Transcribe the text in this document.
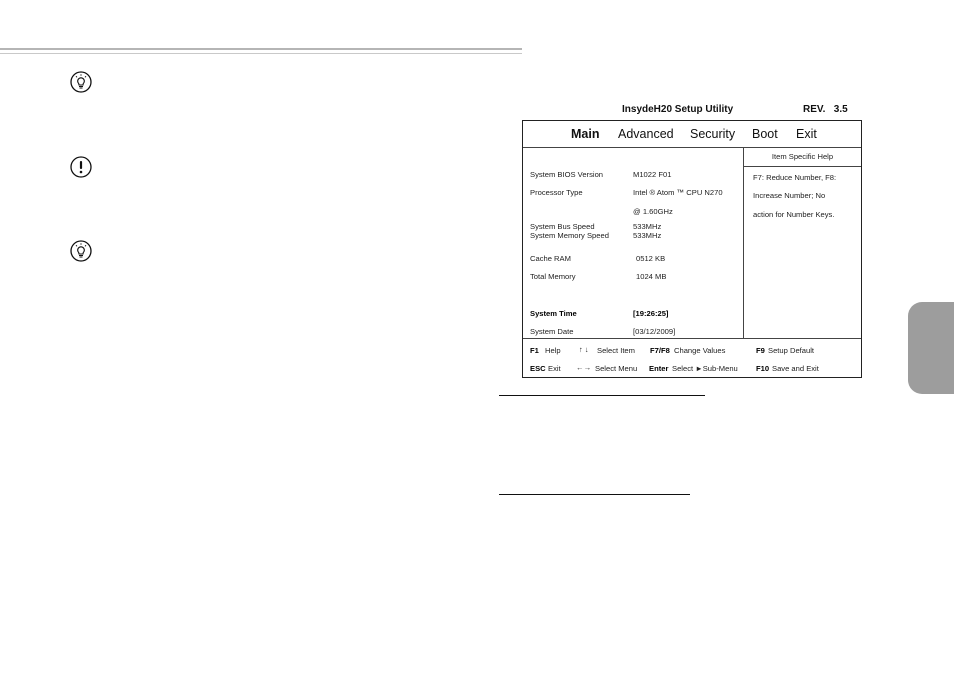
InsydeH20 Setup Utility	REV. 3.5
Main Advanced Security Boot Exit
System BIOS Version	M1022 F01
Processor Type	Intel ® Atom ™ CPU N270
@ 1.60GHz
System Bus Speed	533MHz
System Memory Speed	533MHz
Cache RAM	0512 KB
Total Memory	1024 MB
System Time	[19:26:25]
System Date	[03/12/2009]
Item Specific Help
F7: Reduce Number, F8:
Increase Number; No
action for Number Keys.
F1 Help ↑ ↓ Select Item F7/F8 Change Values	F9 Setup Default
ESC Exit ←→ Select Menu Enter Select ►Sub-Menu F10 Save and Exit
